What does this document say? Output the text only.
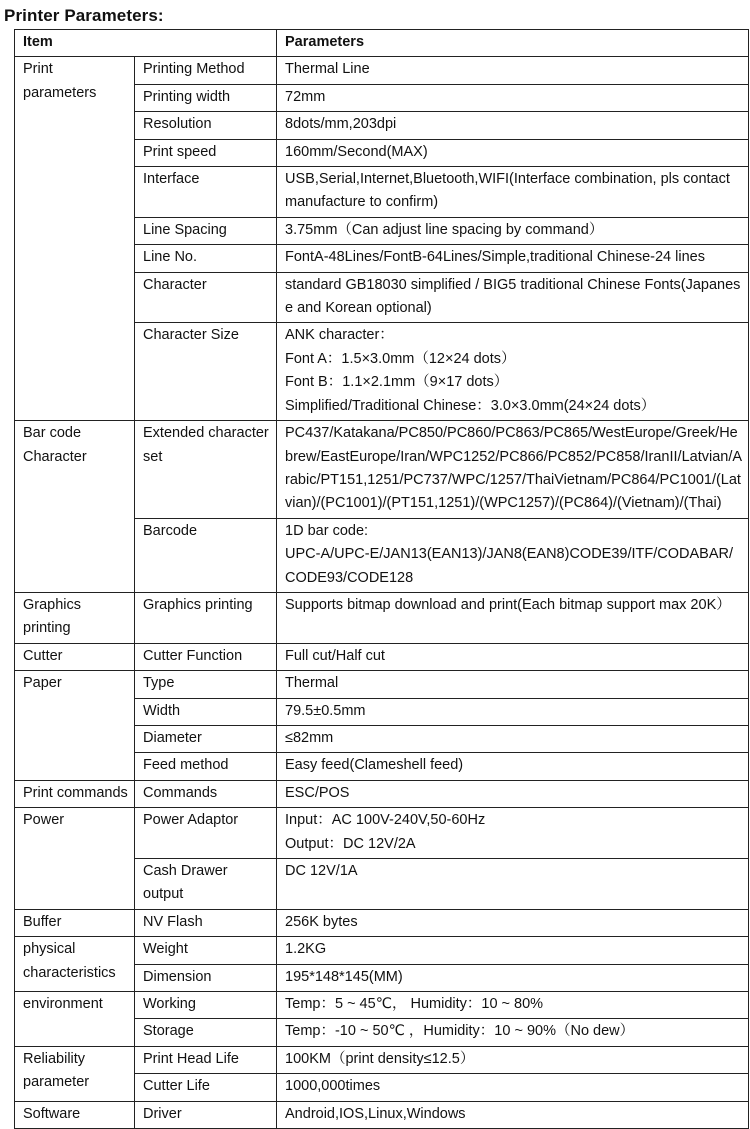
Printer Parameters:
Item		Parameters
Print parameters	Printing Method	Thermal Line
	Printing width	72mm
	Resolution	8dots/mm,203dpi
	Print speed	160mm/Second(MAX)
	Interface	USB,Serial,Internet,Bluetooth,WIFI(Interface combination, pls contact manufacture to confirm)
	Line Spacing	3.75mm（Can adjust line spacing by command）
	Line No.	FontA-48Lines/FontB-64Lines/Simple,traditional Chinese-24 lines
	Character	standard GB18030 simplified / BIG5 traditional Chinese Fonts(Japanese and Korean optional)
	Character Size	ANK character：
Font A：1.5×3.0mm（12×24 dots）
Font B：1.1×2.1mm（9×17 dots）
Simplified/Traditional Chinese：3.0×3.0mm(24×24 dots）
Bar code Character	Extended character set	PC437/Katakana/PC850/PC860/PC863/PC865/WestEurope/Greek/Hebrew/EastEurope/Iran/WPC1252/PC866/PC852/PC858/IranII/Latvian/Arabic/PT151,1251/PC737/WPC/1257/ThaiVietnam/PC864/PC1001/(Latvian)/(PC1001)/(PT151,1251)/(WPC1257)/(PC864)/(Vietnam)/(Thai)
	Barcode	1D bar code:
UPC-A/UPC-E/JAN13(EAN13)/JAN8(EAN8)CODE39/ITF/CODABAR/CODE93/CODE128
Graphics printing	Graphics printing	Supports bitmap download and print(Each bitmap support max 20K）
Cutter	Cutter Function	Full cut/Half cut
Paper	Type	Thermal
	Width	79.5±0.5mm
	Diameter	≤82mm
	Feed method	Easy feed(Clameshell feed)
Print commands	Commands	ESC/POS
Power	Power Adaptor	Input：AC 100V-240V,50-60Hz
Output：DC 12V/2A
	Cash Drawer output	DC 12V/1A
Buffer	NV Flash	256K bytes
physical characteristics	Weight	1.2KG
	Dimension	195*148*145(MM)
environment	Working	Temp：5 ~ 45℃， Humidity：10 ~ 80%
	Storage	Temp：-10 ~ 50℃ ，Humidity：10 ~ 90%（No dew）
Reliability parameter	Print Head Life	100KM（print density≤12.5）
	Cutter Life	1000,000times
Software	Driver	Android,IOS,Linux,Windows
